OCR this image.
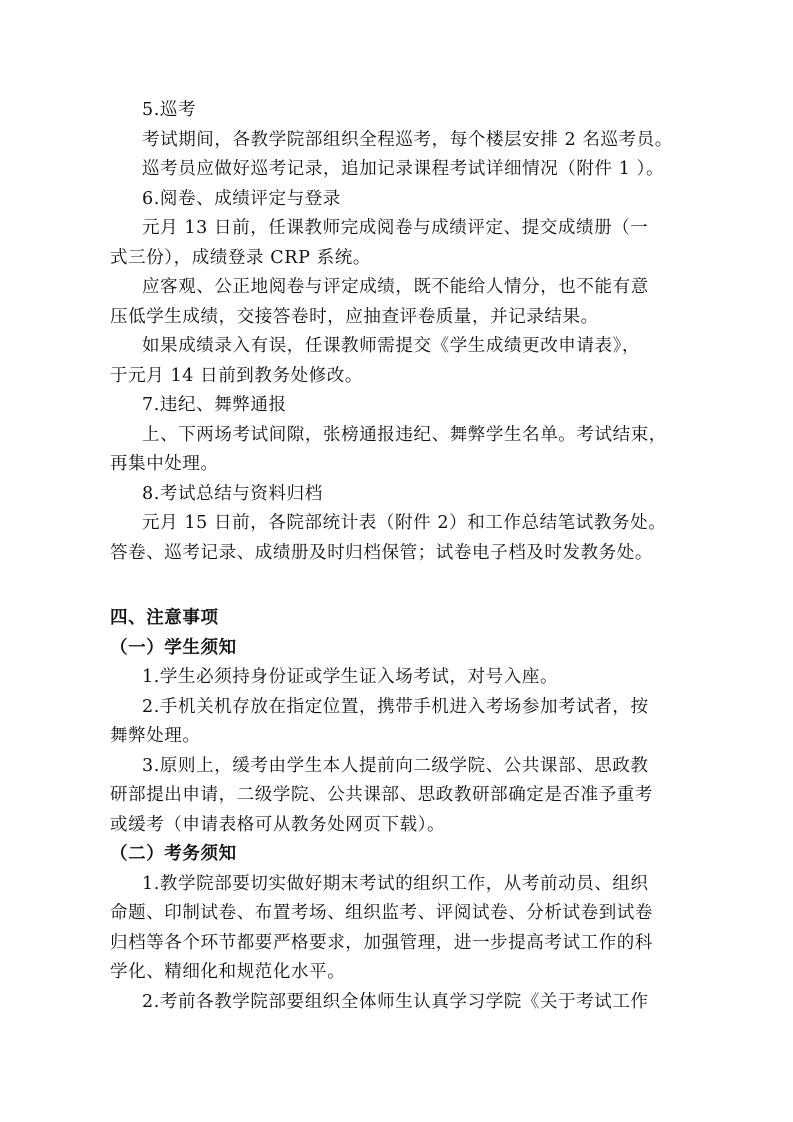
5.巡考
考试期间，各教学院部组织全程巡考，每个楼层安排 2 名巡考员。
巡考员应做好巡考记录，追加记录课程考试详细情况（附件 1 ）。
6.阅卷、成绩评定与登录
元月 13 日前，任课教师完成阅卷与成绩评定、提交成绩册（一
式三份），成绩登录 CRP 系统。
应客观、公正地阅卷与评定成绩，既不能给人情分，也不能有意
压低学生成绩，交接答卷时，应抽查评卷质量，并记录结果。
如果成绩录入有误，任课教师需提交《学生成绩更改申请表》，
于元月 14 日前到教务处修改。
7.违纪、舞弊通报
上、下两场考试间隙，张榜通报违纪、舞弊学生名单。考试结束，
再集中处理。
8.考试总结与资料归档
元月 15 日前，各院部统计表（附件 2）和工作总结笔试教务处。
答卷、巡考记录、成绩册及时归档保管；试卷电子档及时发教务处。
四、注意事项
（一）学生须知
1.学生必须持身份证或学生证入场考试，对号入座。
2.手机关机存放在指定位置，携带手机进入考场参加考试者，按
舞弊处理。
3.原则上，缓考由学生本人提前向二级学院、公共课部、思政教
研部提出申请，二级学院、公共课部、思政教研部确定是否准予重考
或缓考（申请表格可从教务处网页下载）。
（二）考务须知
1.教学院部要切实做好期末考试的组织工作，从考前动员、组织
命题、印制试卷、布置考场、组织监考、评阅试卷、分析试卷到试卷
归档等各个环节都要严格要求，加强管理，进一步提高考试工作的科
学化、精细化和规范化水平。
2.考前各教学院部要组织全体师生认真学习学院《关于考试工作
